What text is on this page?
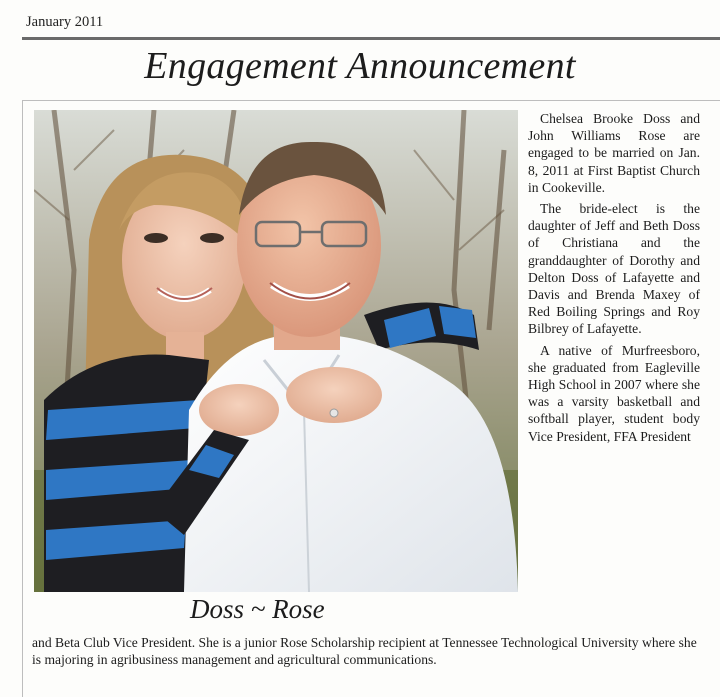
January 2011
Engagement Announcement
Doss ~ Rose

Chelsea Brooke Doss and John Williams Rose are engaged to be married on Jan. 8, 2011 at First Baptist Church in Cookeville.

The bride-elect is the daughter of Jeff and Beth Doss of Christiana and the granddaughter of Dorothy and Delton Doss of Lafayette and Davis and Brenda Maxey of Red Boiling Springs and Roy Bilbrey of Lafayette.

A native of Murfreesboro, she graduated from Eagleville High School in 2007 where she was a varsity basketball and softball player, student body Vice President, FFA President

and Beta Club Vice President. She is a junior Rose Scholarship recipient at Tennessee Technological University where she is majoring in agribusiness management and agricultural communications.
